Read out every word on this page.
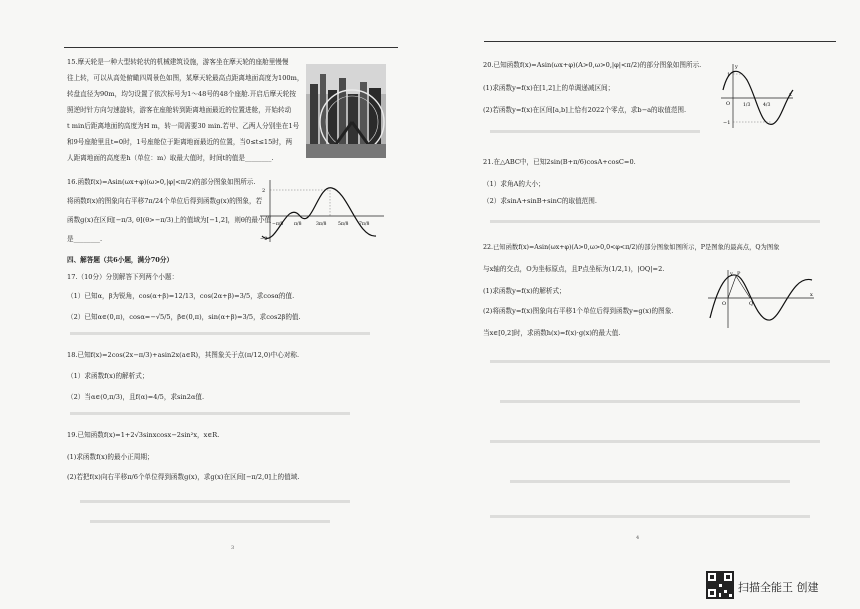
15.摩天轮是一种大型转轮状的机械建筑设施，游客坐在摩天轮的座舱里慢慢
往上转，可以从高处俯瞰四周景色如图，某摩天轮最高点距离地面高度为100m，
转盘直径为90m，均匀设置了依次标号为1～48号的48个座舱.开启后摩天轮按
照逆时针方向匀速旋转，游客在座舱转到距离地面最近的位置进舱，开始转动
t min后距离地面的高度为H m，转一周需要30 min.若甲、乙两人分别坐在1号
和9号座舱里且t=0时，1号座舱位于距离地面最近的位置，当0≤t≤15时，两
人距离地面的高度差h（单位：m）取最大值时，时间t的值是________.
16.函数f(x)=Asin(ωx+φ)(ω>0,|φ|<π/2)的部分图象如图所示.
将函数f(x)的图象向右平移7π/24个单位后得到函数g(x)的图象，若
函数g(x)在区间[−π/3, θ](θ>−π/3)上的值域为[−1,2]，则θ的最小值
是________.
2
−2
−π/8 π/8	3π/8	5π/8 7π/8
四、解答题（共6小题，满分70分）
17.（10分）分别解答下列两个小题：
（1）已知α，β为锐角，cos(α+β)=12/13，cos(2α+β)=3/5，求cosα的值.
（2）已知α∈(0,π)，cosα=−√5/5，β∈(0,π)，sin(α+β)=3/5，求cos2β的值.
18.已知f(x)=2cos(2x−π/3)+asin2x(a∈R)，其图象关于点(π/12,0)中心对称.
（1）求函数f(x)的解析式；
（2）当α∈(0,π/3)，且f(α)=4/5，求sin2α值.
19.已知函数f(x)=1+2√3sinxcosx−2sin²x，x∈R.
(1)求函数f(x)的最小正周期；
(2)若把f(x)向右平移π/6个单位得到函数g(x)，求g(x)在区间[−π/2,0]上的值域.
3
20.已知函数f(x)=Asin(ωx+φ)(A>0,ω>0,|φ|<π/2)的部分图象如图所示.
(1)求函数y=f(x)在[1,2]上的单调递减区间；
(2)若函数y=f(x)在区间[a,b]上恰有2022个零点，求b−a的取值范围.
y
1
O	1/3	4/3
x
−1
21.在△ABC中，已知2sin(B+π/6)cosA+cosC=0.
（1）求角A的大小；
（2）求sinA+sinB+sinC的取值范围.
22.已知函数f(x)=Asin(ωx+φ)(A>0,ω>0,0<φ<π/2)的部分图象如图所示，P是图象的最高点，Q为图象
与x轴的交点，O为坐标原点，且P点坐标为(1/2,1)，|OQ|=2.
(1)求函数y=f(x)的解析式；
(2)将函数y=f(x)图象向右平移1个单位后得到函数y=g(x)的图象.
当x∈[0,2]时，求函数h(x)=f(x)·g(x)的最大值.
y P
O	Q
x
4
扫描全能王 创建
